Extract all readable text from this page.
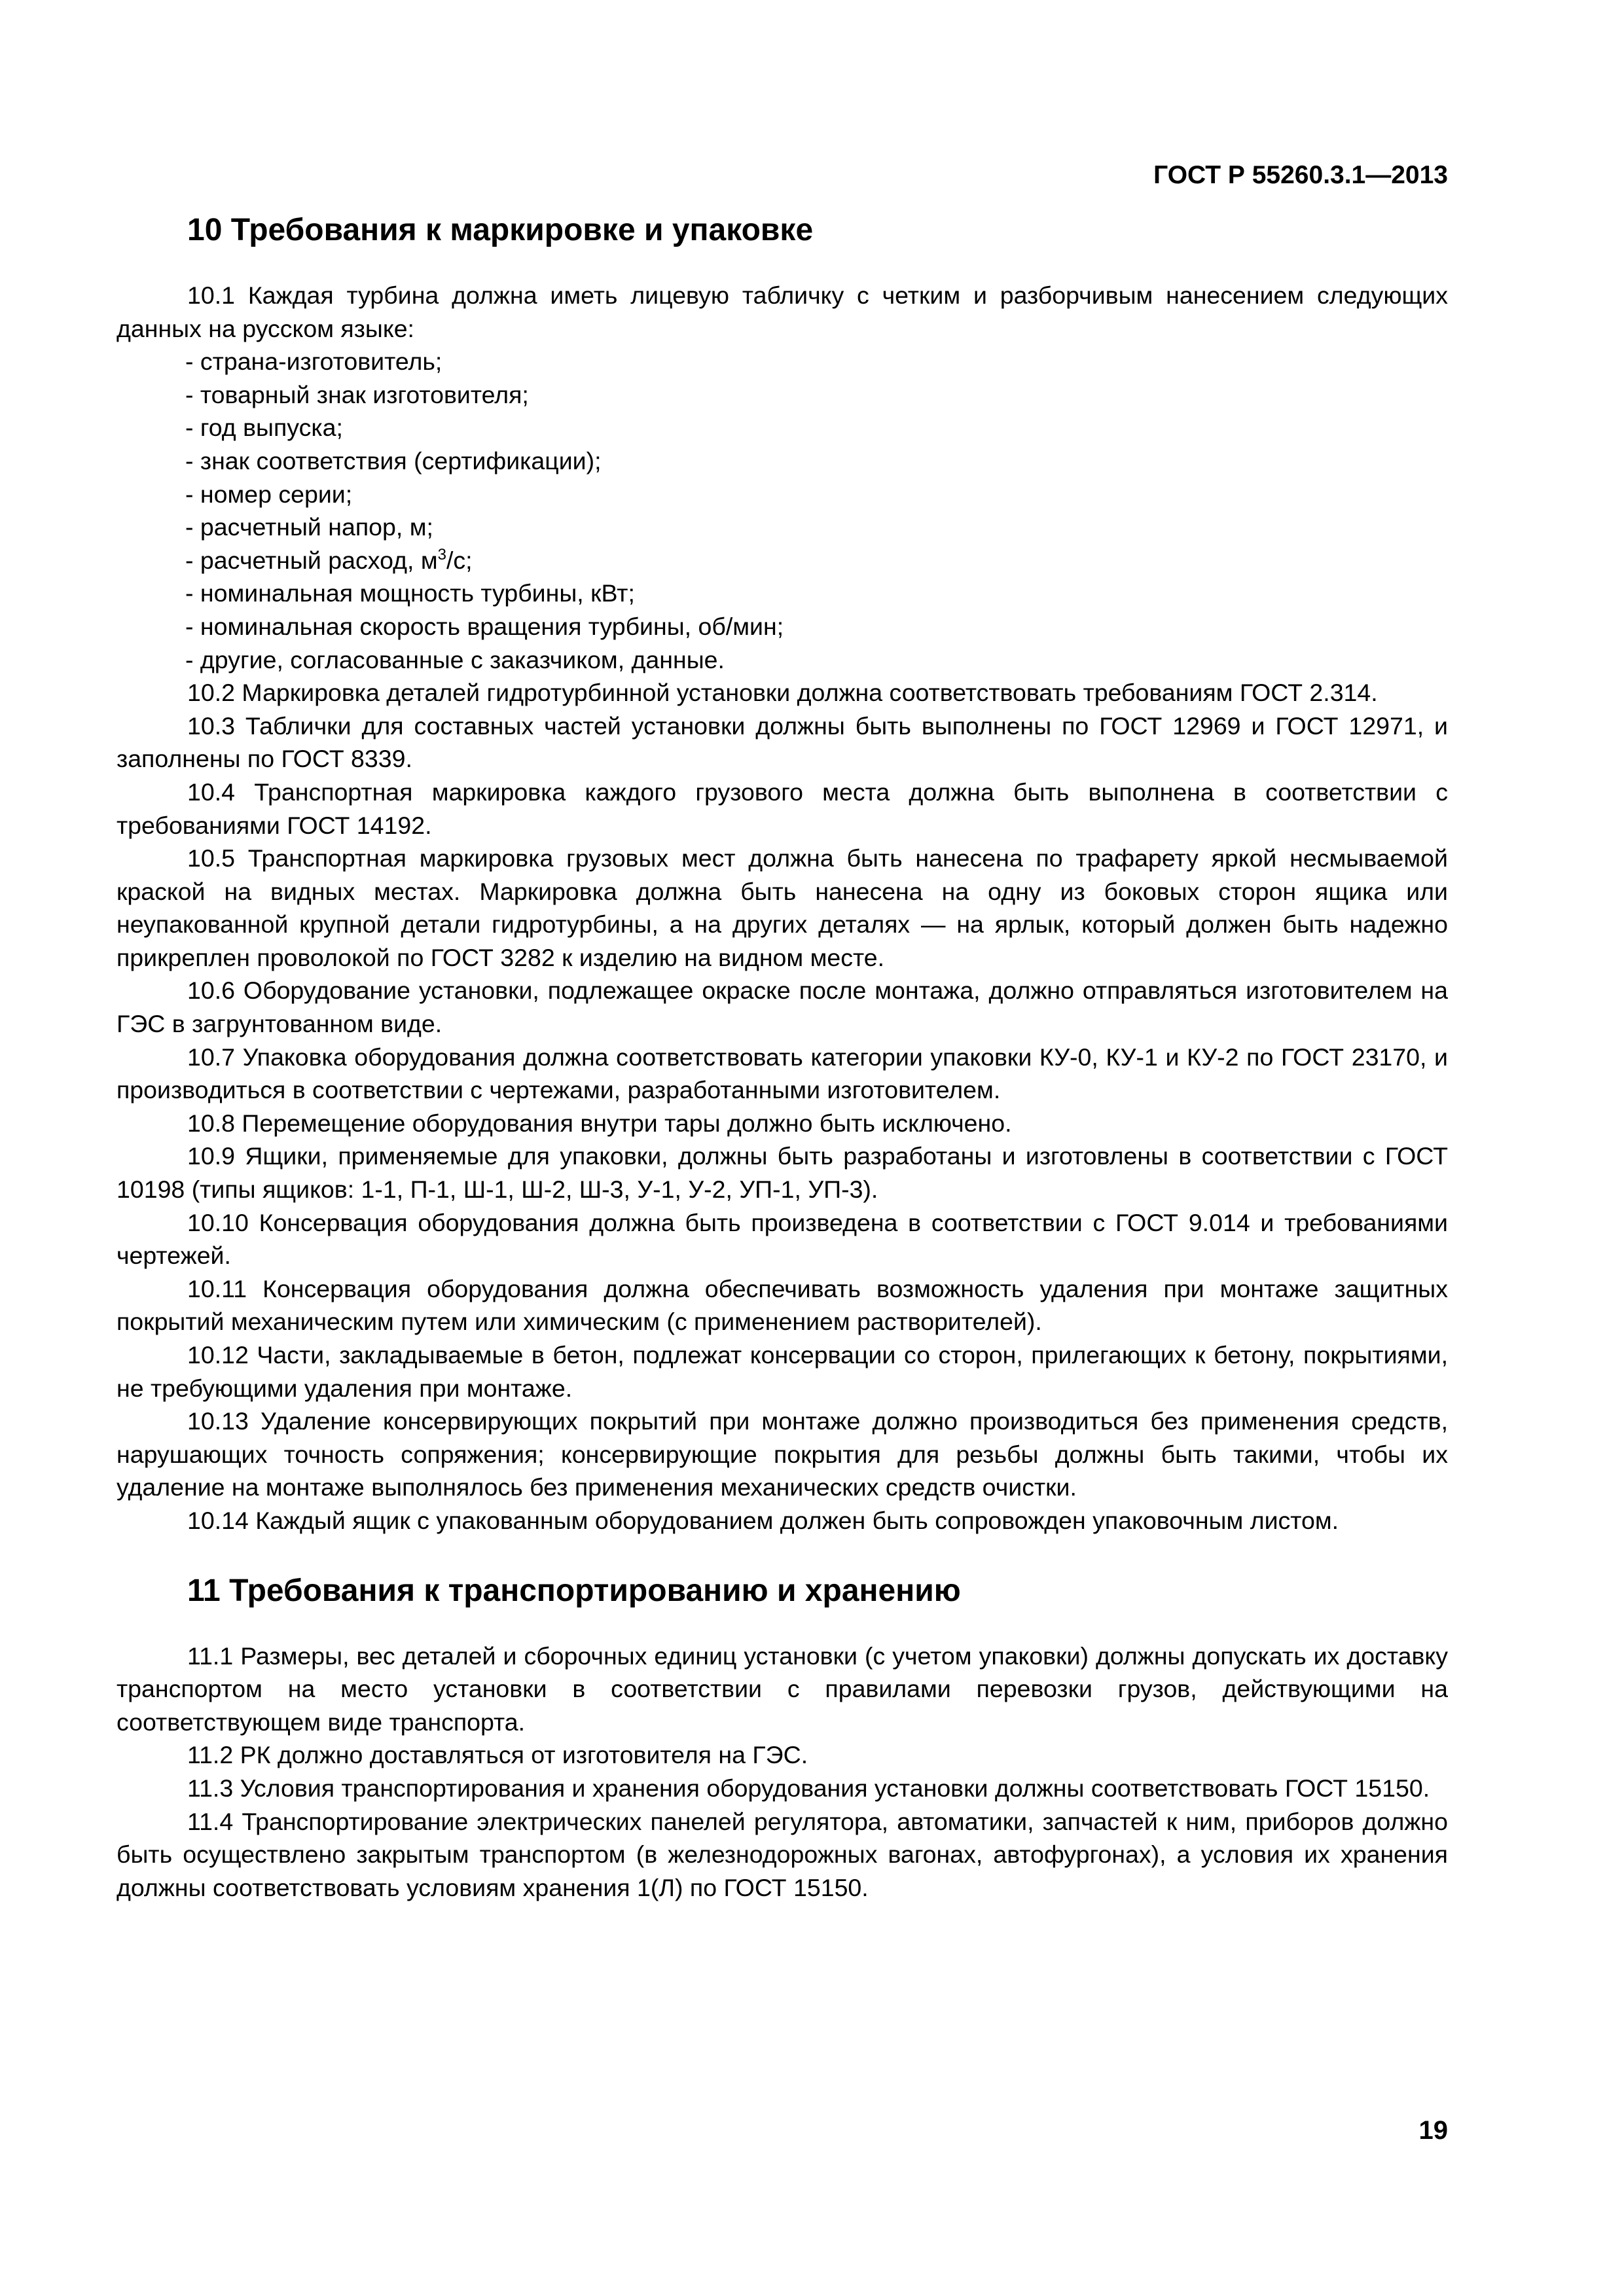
ГОСТ Р 55260.3.1—2013
10 Требования к маркировке и упаковке

10.1 Каждая турбина должна иметь лицевую табличку с четким и разборчивым нанесением следующих данных на русском языке:

- страна-изготовитель;

- товарный знак изготовителя;

- год выпуска;

- знак соответствия (сертификации);

- номер серии;

- расчетный напор, м;

- расчетный расход, $м^3/с$;

- номинальная мощность турбины, кВт;

- номинальная скорость вращения турбины, об/мин;

- другие, согласованные с заказчиком, данные.

10.2 Маркировка деталей гидротурбинной установки должна соответствовать требованиям ГОСТ 2.314.

10.3 Таблички для составных частей установки должны быть выполнены по ГОСТ 12969 и ГОСТ 12971, и заполнены по ГОСТ 8339.

10.4 Транспортная маркировка каждого грузового места должна быть выполнена в соответствии с требованиями ГОСТ 14192.

10.5 Транспортная маркировка грузовых мест должна быть нанесена по трафарету яркой несмываемой краской на видных местах. Маркировка должна быть нанесена на одну из боковых сторон ящика или неупакованной крупной детали гидротурбины, а на других деталях — на ярлык, который должен быть надежно прикреплен проволокой по ГОСТ 3282 к изделию на видном месте.

10.6 Оборудование установки, подлежащее окраске после монтажа, должно отправляться изготовителем на ГЭС в загрунтованном виде.

10.7 Упаковка оборудования должна соответствовать категории упаковки КУ-0, КУ-1 и КУ-2 по ГОСТ 23170, и производиться в соответствии с чертежами, разработанными изготовителем.

10.8 Перемещение оборудования внутри тары должно быть исключено.

10.9 Ящики, применяемые для упаковки, должны быть разработаны и изготовлены в соответствии с ГОСТ 10198 (типы ящиков: 1-1, П-1, Ш-1, Ш-2, Ш-3, У-1, У-2, УП-1, УП-3).

10.10 Консервация оборудования должна быть произведена в соответствии с ГОСТ 9.014 и требованиями чертежей.

10.11 Консервация оборудования должна обеспечивать возможность удаления при монтаже защитных покрытий механическим путем или химическим (с применением растворителей).

10.12 Части, закладываемые в бетон, подлежат консервации со сторон, прилегающих к бетону, покрытиями, не требующими удаления при монтаже.

10.13 Удаление консервирующих покрытий при монтаже должно производиться без применения средств, нарушающих точность сопряжения; консервирующие покрытия для резьбы должны быть такими, чтобы их удаление на монтаже выполнялось без применения механических средств очистки.

10.14 Каждый ящик с упакованным оборудованием должен быть сопровожден упаковочным листом.

11 Требования к транспортированию и хранению

11.1 Размеры, вес деталей и сборочных единиц установки (с учетом упаковки) должны допускать их доставку транспортом на место установки в соответствии с правилами перевозки грузов, действующими на соответствующем виде транспорта.

11.2 РК должно доставляться от изготовителя на ГЭС.

11.3 Условия транспортирования и хранения оборудования установки должны соответствовать ГОСТ 15150.

11.4 Транспортирование электрических панелей регулятора, автоматики, запчастей к ним, приборов должно быть осуществлено закрытым транспортом (в железнодорожных вагонах, автофургонах), а условия их хранения должны соответствовать условиям хранения 1(Л) по ГОСТ 15150.

19
